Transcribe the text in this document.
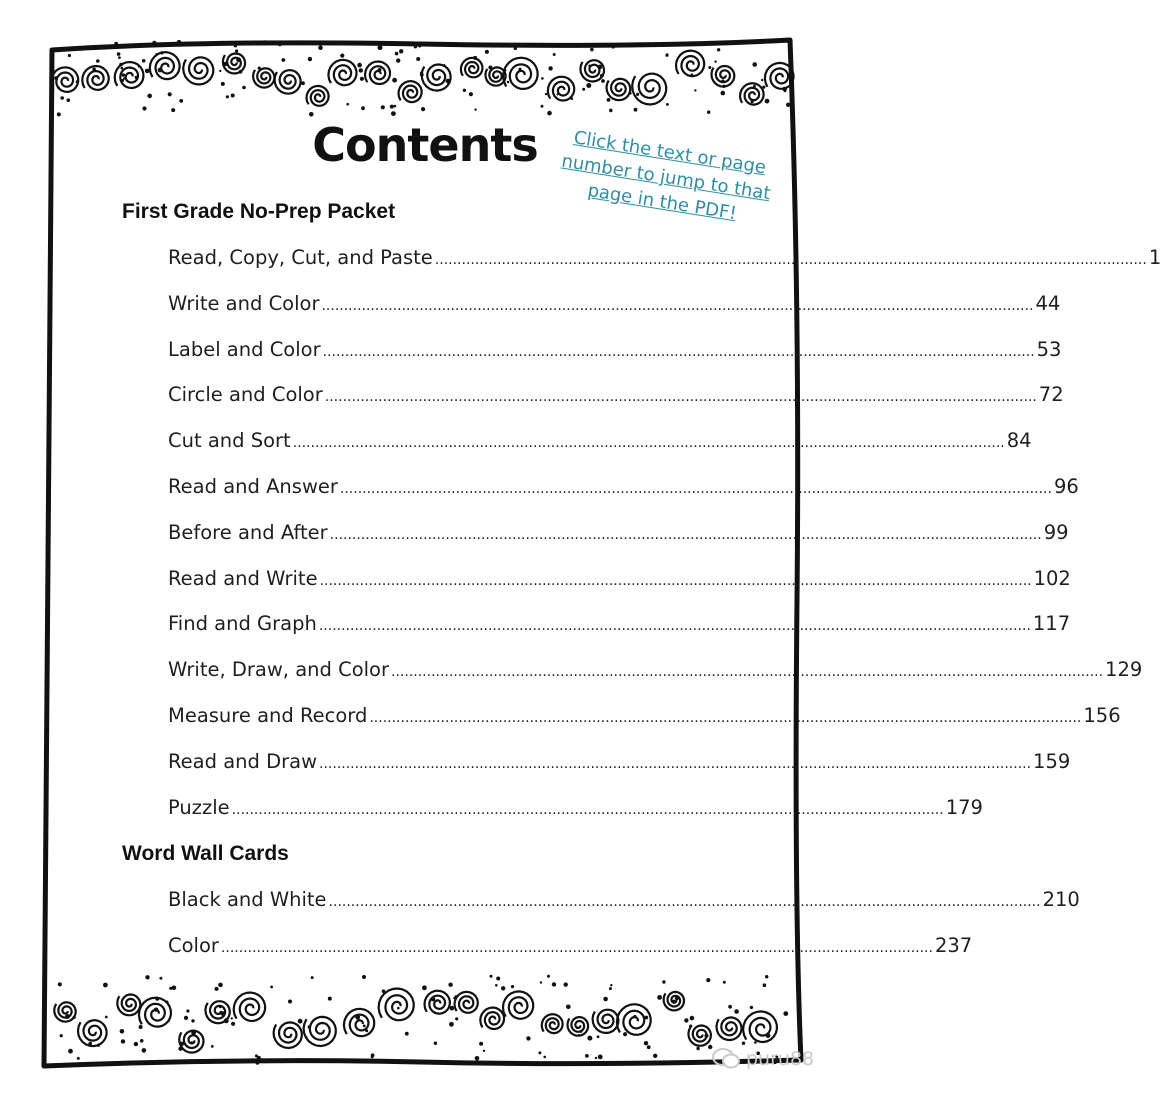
Contents	Click the text or page number to jump to that page in the PDF!
First Grade No-Prep Packet
Read, Copy, Cut, and Paste ................................................................................................................................................................ 1
Write and Color ................................................................................................................................................................ 44
Label and Color ................................................................................................................................................................ 53
Circle and Color ................................................................................................................................................................ 72
Cut and Sort ................................................................................................................................................................ 84
Read and Answer ................................................................................................................................................................ 96
Before and After ................................................................................................................................................................ 99
Read and Write ................................................................................................................................................................ 102
Find and Graph ................................................................................................................................................................ 117
Write, Draw, and Color ................................................................................................................................................................ 129
Measure and Record ................................................................................................................................................................ 156
Read and Draw ................................................................................................................................................................ 159
Puzzle ................................................................................................................................................................ 179
Word Wall Cards
Black and White ................................................................................................................................................................ 210
Color ................................................................................................................................................................ 237
puru88
